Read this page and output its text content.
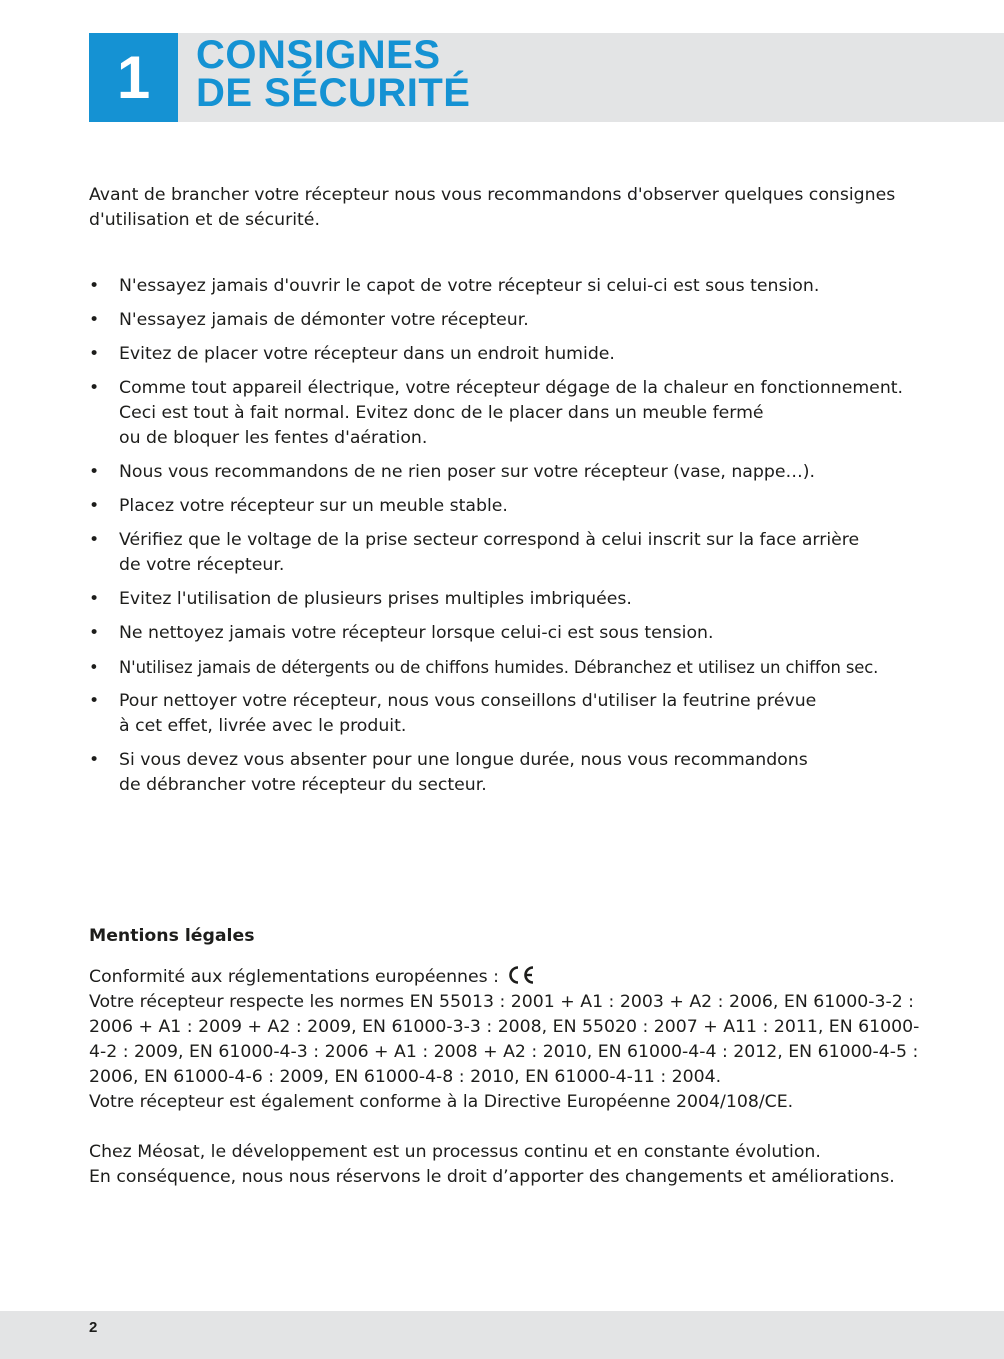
1	CONSIGNES
DE SÉCURITÉ

Avant de brancher votre récepteur nous vous recommandons d'observer quelques consignes d'utilisation et de sécurité.

• N'essayez jamais d'ouvrir le capot de votre récepteur si celui-ci est sous tension.
• N'essayez jamais de démonter votre récepteur.
• Evitez de placer votre récepteur dans un endroit humide.
• Comme tout appareil électrique, votre récepteur dégage de la chaleur en fonctionnement.
Ceci est tout à fait normal. Evitez donc de le placer dans un meuble fermé
ou de bloquer les fentes d'aération.
• Nous vous recommandons de ne rien poser sur votre récepteur (vase, nappe…).
• Placez votre récepteur sur un meuble stable.
• Vérifiez que le voltage de la prise secteur correspond à celui inscrit sur la face arrière
de votre récepteur.
• Evitez l'utilisation de plusieurs prises multiples imbriquées.
• Ne nettoyez jamais votre récepteur lorsque celui-ci est sous tension.
• N'utilisez jamais de détergents ou de chiffons humides. Débranchez et utilisez un chiffon sec.
• Pour nettoyer votre récepteur, nous vous conseillons d'utiliser la feutrine prévue
à cet effet, livrée avec le produit.
• Si vous devez vous absenter pour une longue durée, nous vous recommandons
de débrancher votre récepteur du secteur.
Mentions légales
Conformité aux réglementations européennes :
Votre récepteur respecte les normes EN 55013 : 2001 + A1 : 2003 + A2 : 2006, EN 61000-3-2 : 2006 + A1 : 2009 + A2 : 2009, EN 61000-3-3 : 2008, EN 55020 : 2007 + A11 : 2011, EN 61000-4-2 : 2009, EN 61000-4-3 : 2006 + A1 : 2008 + A2 : 2010, EN 61000-4-4 : 2012, EN 61000-4-5 : 2006, EN 61000-4-6 : 2009, EN 61000-4-8 : 2010, EN 61000-4-11 : 2004.
Votre récepteur est également conforme à la Directive Européenne 2004/108/CE.
Chez Méosat, le développement est un processus continu et en constante évolution.
En conséquence, nous nous réservons le droit d’apporter des changements et améliorations.
2
